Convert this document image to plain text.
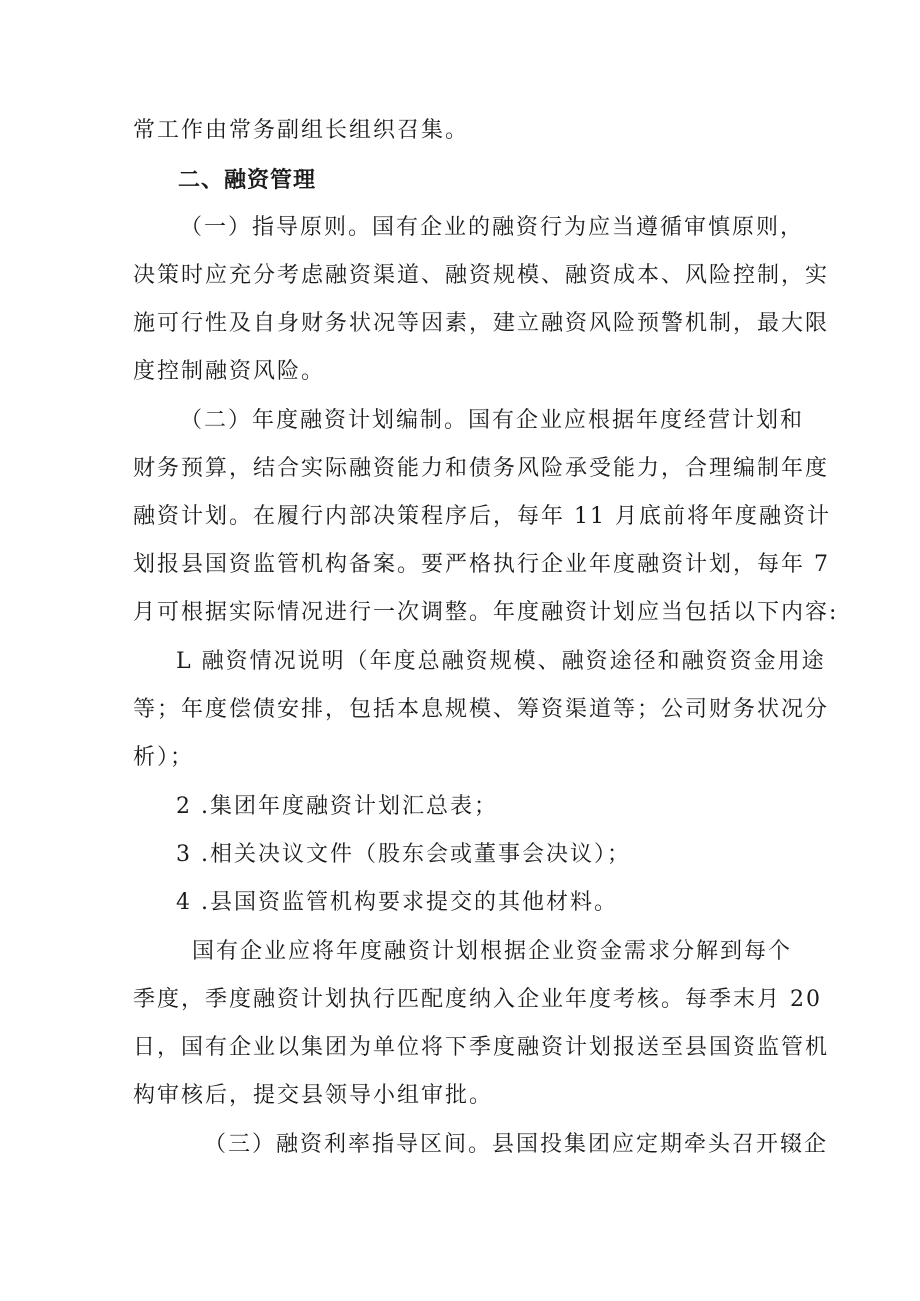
常工作由常务副组长组织召集。
二、融资管理
（一）指导原则。国有企业的融资行为应当遵循审慎原则，
决策时应充分考虑融资渠道、融资规模、融资成本、风险控制，实
施可行性及自身财务状况等因素，建立融资风险预警机制，最大限
度控制融资风险。
（二）年度融资计划编制。国有企业应根据年度经营计划和
财务预算，结合实际融资能力和债务风险承受能力，合理编制年度
融资计划。在履行内部决策程序后，每年 11 月底前将年度融资计
划报县国资监管机构备案。要严格执行企业年度融资计划，每年 7
月可根据实际情况进行一次调整。年度融资计划应当包括以下内容:
L 融资情况说明（年度总融资规模、融资途径和融资资金用途
等；年度偿债安排，包括本息规模、筹资渠道等；公司财务状况分
析）；
2 .集团年度融资计划汇总表；
3 .相关决议文件（股东会或董事会决议）；
4 .县国资监管机构要求提交的其他材料。
国有企业应将年度融资计划根据企业资金需求分解到每个
季度，季度融资计划执行匹配度纳入企业年度考核。每季末月 20
日，国有企业以集团为单位将下季度融资计划报送至县国资监管机
构审核后，提交县领导小组审批。
（三）融资利率指导区间。县国投集团应定期牵头召开辍企
